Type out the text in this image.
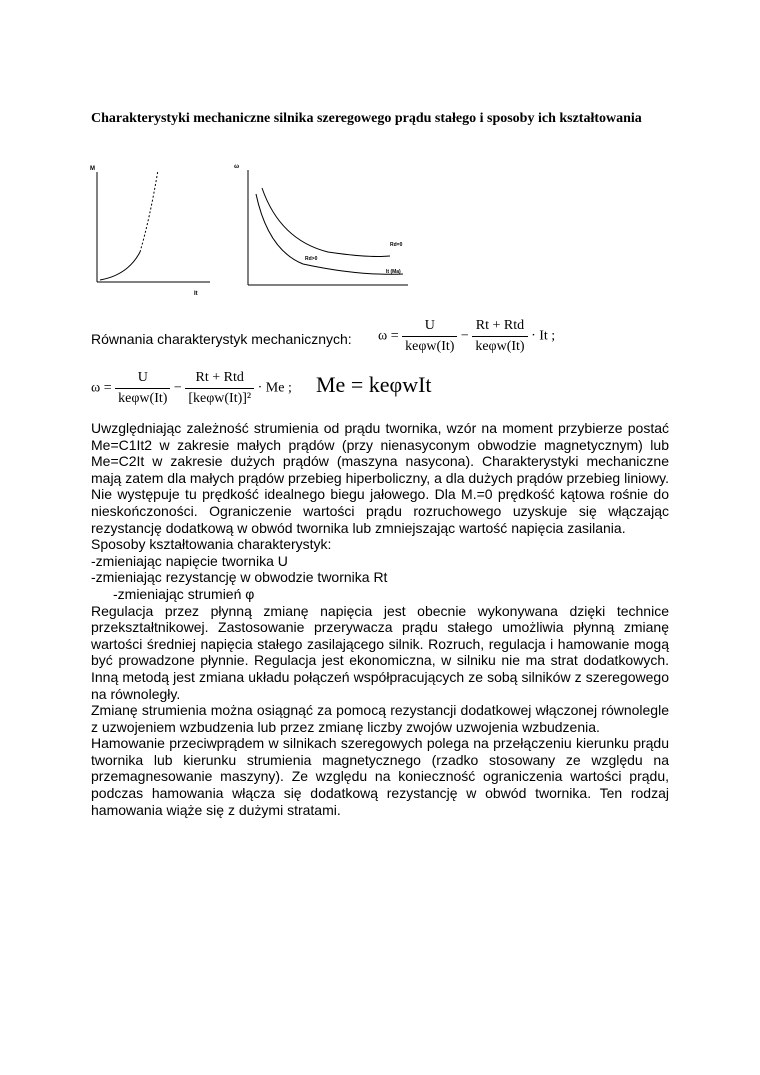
Charakterystyki mechaniczne silnika szeregowego prądu stałego i sposoby ich kształtowania
M
It
ω
Rd=0
Rd>0
It (Ma)
Równania charakterystyk mechanicznych: $\omega = \frac{U}{\text{keφw(It)}} - \frac{\text{Rt + Rtd}}{\text{keφw(It)}} \cdot It$ ;
$\omega = \frac{U}{\text{keφw(It)}} - \frac{\text{Rt + Rtd}}{\text{[keφw(It)]²}} \cdot Me$ ; Me = keφwIt

Uwzględniając zależność strumienia od prądu twornika, wzór na moment przybierze postać Me=C1It2 w zakresie małych prądów (przy nienasyconym obwodzie magnetycznym) lub Me=C2It w zakresie dużych prądów (maszyna nasycona). Charakterystyki mechaniczne mają zatem dla małych prądów przebieg hiperboliczny, a dla dużych prądów przebieg liniowy. Nie występuje tu prędkość idealnego biegu jałowego. Dla M.=0 prędkość kątowa rośnie do nieskończoności. Ograniczenie wartości prądu rozruchowego uzyskuje się włączając rezystancję dodatkową w obwód twornika lub zmniejszając wartość napięcia zasilania.

Sposoby kształtowania charakterystyk:

-zmieniając napięcie twornika U

-zmieniając rezystancję w obwodzie twornika Rt

-zmieniając strumień φ

Regulacja przez płynną zmianę napięcia jest obecnie wykonywana dzięki technice przekształtnikowej. Zastosowanie przerywacza prądu stałego umożliwia płynną zmianę wartości średniej napięcia stałego zasilającego silnik. Rozruch, regulacja i hamowanie mogą być prowadzone płynnie. Regulacja jest ekonomiczna, w silniku nie ma strat dodatkowych. Inną metodą jest zmiana układu połączeń współpracujących ze sobą silników z szeregowego na równoległy.

Zmianę strumienia można osiągnąć za pomocą rezystancji dodatkowej włączonej równolegle z uzwojeniem wzbudzenia lub przez zmianę liczby zwojów uzwojenia wzbudzenia.

Hamowanie przeciwprądem w silnikach szeregowych polega na przełączeniu kierunku prądu twornika lub kierunku strumienia magnetycznego (rzadko stosowany ze względu na przemagnesowanie maszyny). Ze względu na konieczność ograniczenia wartości prądu, podczas hamowania włącza się dodatkową rezystancję w obwód twornika. Ten rodzaj hamowania wiąże się z dużymi stratami.
